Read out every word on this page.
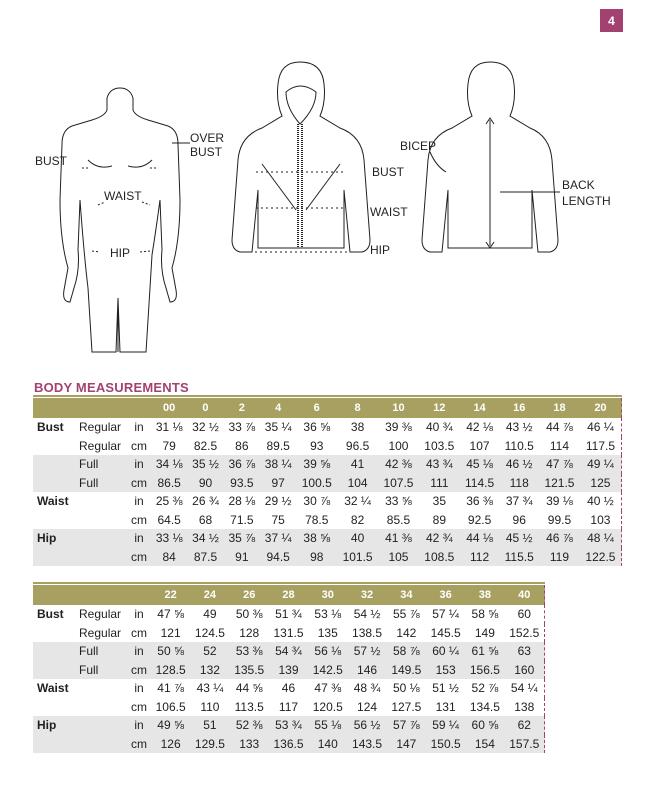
4
BUST
OVER
BUST
WAIST
HIP
BUST
WAIST
HIP
BICEP
BACK
LENGTH
BODY MEASUREMENTS
			00	0	2	4	6	8	10	12	14	16	18	20
Bust	Regular	in	31 ⅛	32 ½	33 ⅞	35 ¼	36 ⅝	38	39 ⅜	40 ¾	42 ⅛	43 ½	44 ⅞	46 ¼
	Regular	cm	79	82.5	86	89.5	93	96.5	100	103.5	107	110.5	114	117.5
	Full	in	34 ⅛	35 ½	36 ⅞	38 ¼	39 ⅝	41	42 ⅜	43 ¾	45 ⅛	46 ½	47 ⅞	49 ¼
	Full	cm	86.5	90	93.5	97	100.5	104	107.5	111	114.5	118	121.5	125
Waist		in	25 ⅜	26 ¾	28 ⅛	29 ½	30 ⅞	32 ¼	33 ⅝	35	36 ⅜	37 ¾	39 ⅛	40 ½
		cm	64.5	68	71.5	75	78.5	82	85.5	89	92.5	96	99.5	103
Hip		in	33 ⅛	34 ½	35 ⅞	37 ¼	38 ⅝	40	41 ⅜	42 ¾	44 ⅛	45 ½	46 ⅞	48 ¼
		cm	84	87.5	91	94.5	98	101.5	105	108.5	112	115.5	119	122.5
			22	24	26	28	30	32	34	36	38	40
Bust	Regular	in	47 ⅝	49	50 ⅜	51 ¾	53 ⅛	54 ½	55 ⅞	57 ¼	58 ⅝	60
	Regular	cm	121	124.5	128	131.5	135	138.5	142	145.5	149	152.5
	Full	in	50 ⅝	52	53 ⅜	54 ¾	56 ⅛	57 ½	58 ⅞	60 ¼	61 ⅝	63
	Full	cm	128.5	132	135.5	139	142.5	146	149.5	153	156.5	160
Waist		in	41 ⅞	43 ¼	44 ⅝	46	47 ⅜	48 ¾	50 ⅛	51 ½	52 ⅞	54 ¼
		cm	106.5	110	113.5	117	120.5	124	127.5	131	134.5	138
Hip		in	49 ⅝	51	52 ⅜	53 ¾	55 ⅛	56 ½	57 ⅞	59 ¼	60 ⅝	62
		cm	126	129.5	133	136.5	140	143.5	147	150.5	154	157.5
